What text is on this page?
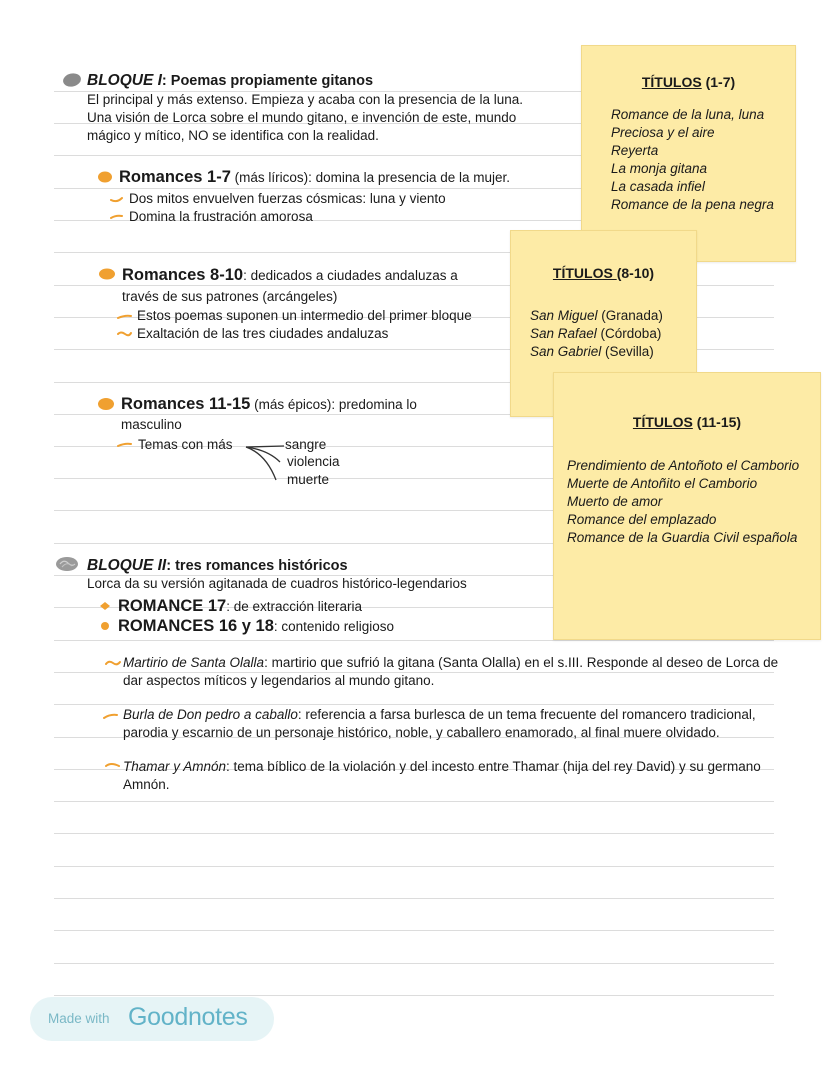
BLOQUE I: Poemas propiamente gitanos
El principal y más extenso. Empieza y acaba con la presencia de la luna.
Una visión de Lorca sobre el mundo gitano, e invención de este, mundo
mágico y mítico, NO se identifica con la realidad.
Romances 1-7 (más líricos): domina la presencia de la mujer.
Dos mitos envuelven fuerzas cósmicas: luna y viento
Domina la frustración amorosa
Romances 8-10: dedicados a ciudades andaluzas a
través de sus patrones (arcángeles)
Estos poemas suponen un intermedio del primer bloque
Exaltación de las tres ciudades andaluzas
Romances 11-15 (más épicos): predomina lo
masculino
Temas con más	sangre
violencia
muerte
BLOQUE II: tres romances históricos
Lorca da su versión agitanada de cuadros histórico-legendarios
ROMANCE 17: de extracción literaria
ROMANCES 16 y 18: contenido religioso
Martirio de Santa Olalla: martirio que sufrió la gitana (Santa Olalla) en el s.III. Responde al deseo de Lorca de dar aspectos míticos y legendarios al mundo gitano.
Burla de Don pedro a caballo: referencia a farsa burlesca de un tema frecuente del romancero tradicional, parodia y escarnio de un personaje histórico, noble, y caballero enamorado, al final muere olvidado.
Thamar y Amnón: tema bíblico de la violación y del incesto entre Thamar (hija del rey David) y su germano Amnón.
TÍTULOS (1-7)
Romance de la luna, luna
Preciosa y el aire
Reyerta
La monja gitana
La casada infiel
Romance de la pena negra
TÍTULOS (8-10)
San Miguel (Granada)
San Rafael (Córdoba)
San Gabriel (Sevilla)
TÍTULOS (11-15)
Prendimiento de Antoñoto el Camborio
Muerte de Antoñito el Camborio
Muerto de amor
Romance del emplazado
Romance de la Guardia Civil española
Made with Goodnotes
